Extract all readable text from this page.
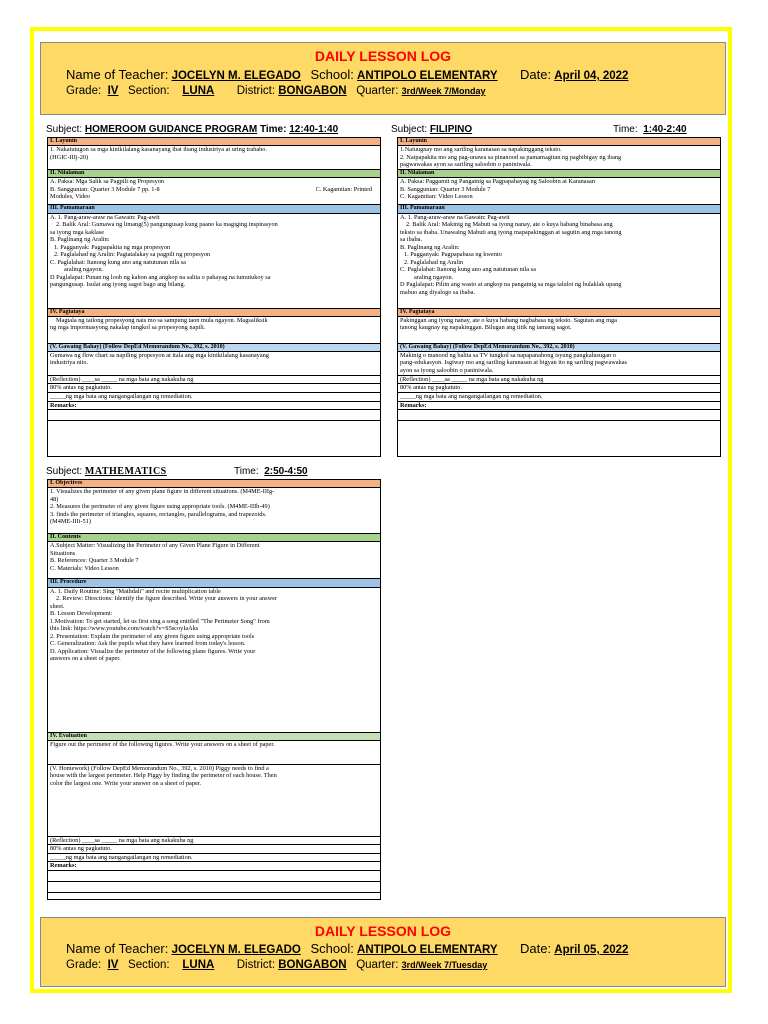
DAILY LESSON LOG
Name of Teacher: JOCELYN M. ELEGADO School: ANTIPOLO ELEMENTARY Date: April 04, 2022
Grade: IV Section: LUNA District: BONGABON Quarter: 3rd/Week 7/Monday
Subject: HOMEROOM GUIDANCE PROGRAM Time: 12:40-1:40
I. Layunin
1. Nakatutugon sa mga kinikilalang kasanayang ibat ibang industriya at uring trabaho.
(HGIC-IIIj-20)
II. Nilalaman
A. Paksa: Mga Salik sa Pagpili ng Propesyon
B. Sanggunian: Quarter 3 Module 7 pp. 1-8	C. Kagamitan: Printed
Modules, Video
III. Pamamaraan
A. 1. Pang-araw-araw na Gawain: Pag-awit
2. Balik Aral: Gumawa ng limang(5) pangungusap kung paano ka magiging inspirasyon
sa iyong mga kaklase
B. Paglinang ng Aralin:
1. Pagganyak: Pagpapakita ng mga propesyon
2. Paglalahad ng Aralin: Pagtatalakay sa pagpili ng propesyon
C. Paglalahat: Itanong kung ano ang natutunan nila sa
araling ngayon.
D Paglalapat: Punan ng loob ng kahon ang angkop na salita o pahayag na tumutukoy sa
pangungusap. Isulat ang iyong sagot bago ang bilang.
IV. Pagtataya
Magtala ng tatlong propesyong nais mo sa sampung taon mula ngayon. Magsaliksik
ng mga impormasyong nakalap tungkol sa propesyong napili.
(V. Gawaing Bahay) (Follow DepEd Memorandum No., 392, s. 2010)
Gumawa ng flow chart sa napiling propesyon at itala ang mga kinikilalang kasanayang
industriya nito.
(Reflection) ____sa _____ na mga bata ang nakakuha ng
80% antas ng pagkatuto.
_____ng mga bata ang nangangailangan ng remediation.
Remarks:
Subject: FILIPINO	Time: 1:40-2:40
I. Layunin
1.Naiuugnay mo ang sariling karanasan sa napakinggang teksto.
2. Naipapakita mo ang pag-unawa sa pinanood sa pamamagitan ng pagbibigay ng ibang
pagwawakas ayon sa sariling saloobin o paniniwala.
II. Nilalaman
A. Paksa: Paggamit ng Pangatnig sa Pagpapahayag ng Saloobin at Karanasan
B. Sanggunian: Quarter 3 Module 7
C. Kagamitan: Video Lesson
III. Pamamaraan
A. 1. Pang-araw-araw na Gawain: Pag-awit
2. Balik Aral: Makinig ng Mabuti sa iyong nanay, ate o kuya habang binabasa ang
teksto sa ibaba. Unawaing Mabuti ang iyong mapapakinggan at sagutin ang mga tanong
sa ibaba.
B. Paglinang ng Aralin:
1. Pagganyak: Pagpapabasa ng kwento
2. Paglalahad ng Aralin
C. Paglalahat: Itanong kung ano ang natutunan nila sa
araling ngayon.
D Paglalapat: Piliin ang wasto at angkop na pangatnig sa mga talulot ng bulaklak upang
mabuo ang diyalogo sa ibaba.
IV. Pagtataya
Pakinggan ang iyong nanay, ate o kuya habang nagbabasa ng teksto. Sagutan ang mga
tanong kaugnay ng napakinggan. Bilugan ang titik ng tamang sagot.
(V. Gawaing Bahay) (Follow DepEd Memorandum No., 392, s. 2010)
Makinig o manood ng balita sa TV tungkol sa napapanahong isyung pangkalusugan o
pang-edukasyon. Isgiway mo ang sariling karanasan at bigyan ito ng sariling pagwawakas
ayon sa iyong saloobin o paniniwala.
(Reflection) ____sa _____ na mga bata ang nakakuha ng
80% antas ng pagkatuto.
_____ng mga bata ang nangangailangan ng remediation.
Remarks:
Subject: MATHEMATICS	Time: 2:50-4:50
I. Objectives
1. Visualizes the perimeter of any given plane figure in different situations. (M4ME-IIIg-
48)
2. Measures the perimeter of any given figure using appropriate tools. (M4ME-IIIh-49)
3. finds the perimeter of triangles, squares, rectangles, parallelograms, and trapezoids.
(M4ME-IIIi-51)
II. Contents
A.Subject Matter: Visualizing the Perimeter of any Given Plane Figure in Different
Situations
B. References: Quarter 3 Module 7
C. Materials: Video Lesson
III. Procedure
A. 1. Daily Routine: Sing "Mathdali" and recite multiplication table
2. Review: Directions: Identify the figure described. Write your answers in your answer
sheet.
B. Lesson Development:
1.Motivation: To get started, let us first sing a song entitled "The Perimeter Song" from
this link: https://www.youtube.com/watch?v=S5scoyIaAks
2. Presentation: Explain the perimeter of any given figure using appropriate tools
C. Generalization: Ask the pupils what they have learned from today's lesson.
D. Application: Visualize the perimeter of the following plane figures. Write your
answers on a sheet of paper.
IV. Evaluation
Figure out the perimeter of the following figures. Write your answers on a sheet of paper.
(V. Homework) (Follow DepEd Memorandum No., 392, s. 2010) Piggy needs to find a
house with the largest perimeter. Help Piggy by finding the perimeter of each house. Then
color the largest one. Write your answer on a sheet of paper.
(Reflection) ____sa _____ na mga bata ang nakakuha ng
80% antas ng pagkatuto.
_____ng mga bata ang nangangailangan ng remediation.
Remarks:
DAILY LESSON LOG
Name of Teacher: JOCELYN M. ELEGADO School: ANTIPOLO ELEMENTARY Date: April 05, 2022
Grade: IV Section: LUNA District: BONGABON Quarter: 3rd/Week 7/Tuesday
